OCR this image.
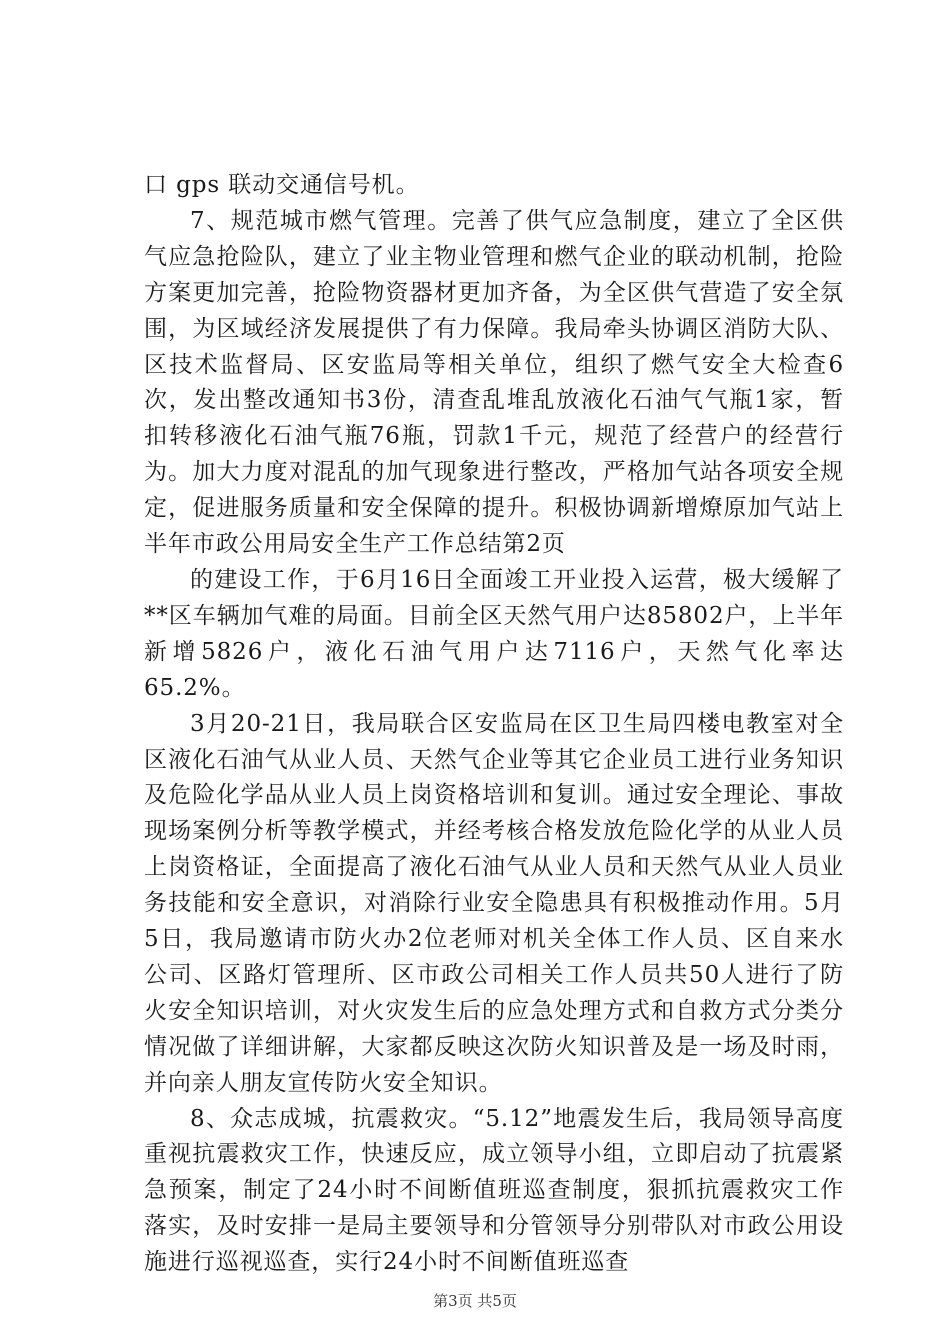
口 gps 联动交通信号机。

7、规范城市燃气管理。完善了供气应急制度，建立了全区供气应急抢险队，建立了业主物业管理和燃气企业的联动机制，抢险方案更加完善，抢险物资器材更加齐备，为全区供气营造了安全氛围，为区域经济发展提供了有力保障。我局牵头协调区消防大队、区技术监督局、区安监局等相关单位，组织了燃气安全大检查6次，发出整改通知书3份，清查乱堆乱放液化石油气气瓶1家，暂扣转移液化石油气瓶76瓶，罚款1千元，规范了经营户的经营行为。加大力度对混乱的加气现象进行整改，严格加气站各项安全规定，促进服务质量和安全保障的提升。积极协调新增燎原加气站上半年市政公用局安全生产工作总结第2页

的建设工作，于6月16日全面竣工开业投入运营，极大缓解了**区车辆加气难的局面。目前全区天然气用户达85802户，上半年新增5826户，液化石油气用户达7116户，天然气化率达65.2%。

3月20-21日，我局联合区安监局在区卫生局四楼电教室对全区液化石油气从业人员、天然气企业等其它企业员工进行业务知识及危险化学品从业人员上岗资格培训和复训。通过安全理论、事故现场案例分析等教学模式，并经考核合格发放危险化学的从业人员上岗资格证，全面提高了液化石油气从业人员和天然气从业人员业务技能和安全意识，对消除行业安全隐患具有积极推动作用。5月5日，我局邀请市防火办2位老师对机关全体工作人员、区自来水公司、区路灯管理所、区市政公司相关工作人员共50人进行了防火安全知识培训，对火灾发生后的应急处理方式和自救方式分类分情况做了详细讲解，大家都反映这次防火知识普及是一场及时雨，并向亲人朋友宣传防火安全知识。

8、众志成城，抗震救灾。“5.12”地震发生后，我局领导高度重视抗震救灾工作，快速反应，成立领导小组，立即启动了抗震紧急预案，制定了24小时不间断值班巡查制度，狠抓抗震救灾工作落实，及时安排一是局主要领导和分管领导分别带队对市政公用设施进行巡视巡查，实行24小时不间断值班巡查

第3页 共5页
